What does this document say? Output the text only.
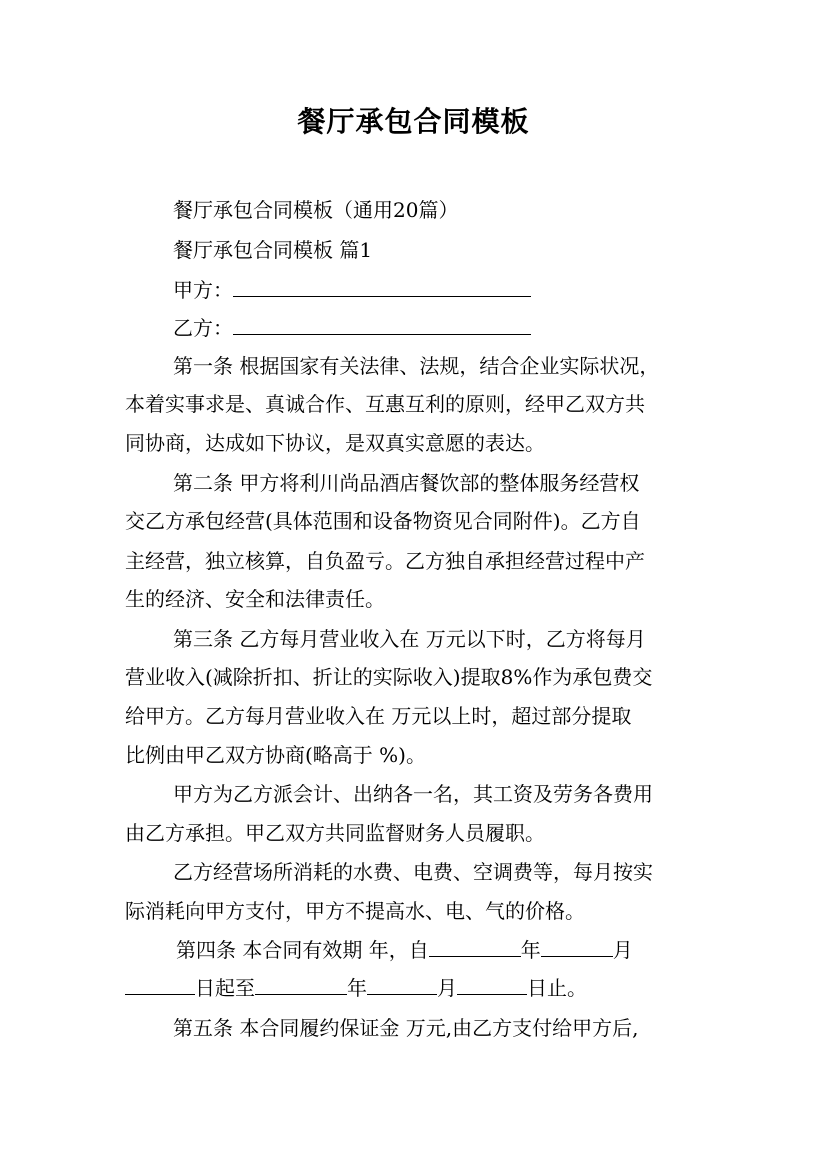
餐厅承包合同模板
餐厅承包合同模板（通用20篇）
餐厅承包合同模板 篇1
甲方：
乙方：
第一条 根据国家有关法律、法规，结合企业实际状况，
本着实事求是、真诚合作、互惠互利的原则，经甲乙双方共
同协商，达成如下协议，是双真实意愿的表达。
第二条 甲方将利川尚品酒店餐饮部的整体服务经营权
交乙方承包经营(具体范围和设备物资见合同附件)。乙方自
主经营，独立核算，自负盈亏。乙方独自承担经营过程中产
生的经济、安全和法律责任。
第三条 乙方每月营业收入在 万元以下时，乙方将每月
营业收入(减除折扣、折让的实际收入)提取8%作为承包费交
给甲方。乙方每月营业收入在 万元以上时，超过部分提取
比例由甲乙双方协商(略高于 %)。
甲方为乙方派会计、出纳各一名，其工资及劳务各费用
由乙方承担。甲乙双方共同监督财务人员履职。
乙方经营场所消耗的水费、电费、空调费等，每月按实
际消耗向甲方支付，甲方不提高水、电、气的价格。
第四条 本合同有效期 年，自	年	月
日起至	年	月	日止。
第五条 本合同履约保证金 万元,由乙方支付给甲方后,
